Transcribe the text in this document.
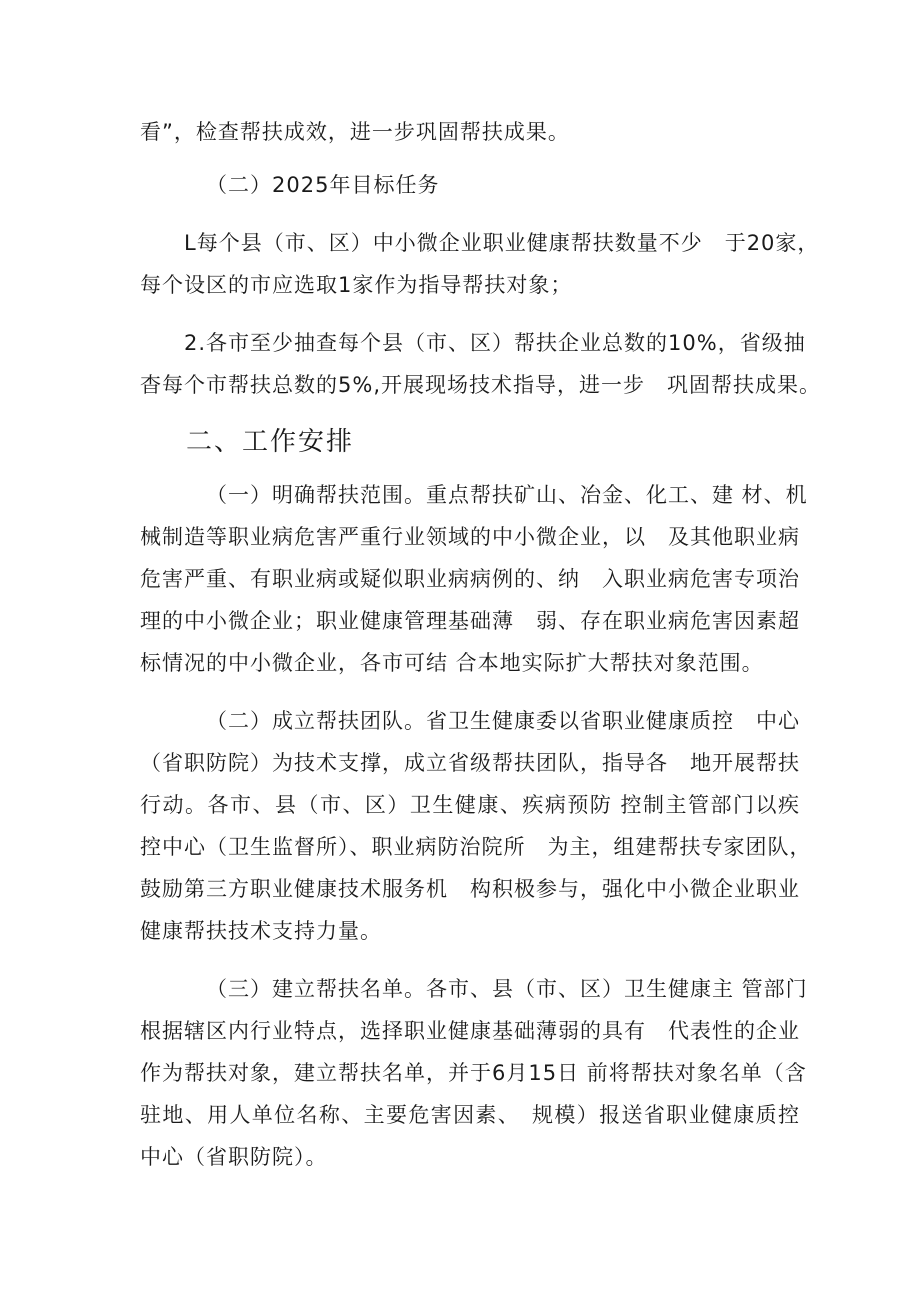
看”，检查帮扶成效，进一步巩固帮扶成果。
（二）2025年目标任务
L每个县（市、区）中小微企业职业健康帮扶数量不少　于20家，
每个设区的市应选取1家作为指导帮扶对象；
2.各市至少抽查每个县（市、区）帮扶企业总数的10%，省级抽
杳每个市帮扶总数的5%,开展现场技术指导，进一步　巩固帮扶成果。
二、工作安排
（一）明确帮扶范围。重点帮扶矿山、冶金、化工、建 材、机
械制造等职业病危害严重行业领域的中小微企业，以　及其他职业病
危害严重、有职业病或疑似职业病病例的、纳　入职业病危害专项治
理的中小微企业；职业健康管理基础薄　弱、存在职业病危害因素超
标情况的中小微企业，各市可结 合本地实际扩大帮扶对象范围。
（二）成立帮扶团队。省卫生健康委以省职业健康质控　中心
（省职防院）为技术支撑，成立省级帮扶团队，指导各　地开展帮扶
行动。各市、县（市、区）卫生健康、疾病预防 控制主管部门以疾
控中心（卫生监督所）、职业病防治院所　为主，组建帮扶专家团队，
鼓励第三方职业健康技术服务机　构积极参与，强化中小微企业职业
健康帮扶技术支持力量。
（三）建立帮扶名单。各市、县（市、区）卫生健康主 管部门
根据辖区内行业特点，选择职业健康基础薄弱的具有　代表性的企业
作为帮扶对象，建立帮扶名单，并于6月15日 前将帮扶对象名单（含
驻地、用人单位名称、主要危害因素、　规模）报送省职业健康质控
中心（省职防院）。
